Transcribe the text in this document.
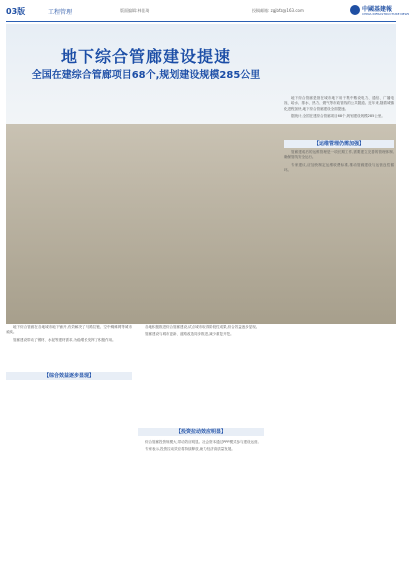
03版	工程管理	版面编辑:林佳琦	投稿邮箱: zgjbfz@163.com	中國基建報
CHINA INFRASTRUCTURE NEWS
地下综合管廊建设提速
全国在建综合管廊项目68个,规划建设规模285公里

地下综合管廊是指在城市地下用于集中敷设电力、通信、广播电视、给水、排水、热力、燃气等市政管线的公共隧道。近年来,随着城镇化进程加快,地下综合管廊建设全面提速。

据统计,全国在建综合管廊项目68个,规划建设规模285公里。

【运维管理仍需加强】

管廊建成后的运维管理是一项长期工作,需要建立完善的管理体制,确保管线安全运行。

专家建议,应加快制定运维收费标准,推动管廊建设与运营良性循环。

地下综合管廊在各地城市地下铺开,有效解决了马路拉链、空中蜘蛛网等城市顽疾。

管廊建设带动了钢材、水泥等建材需求,为稳增长发挥了积极作用。

【综合效益逐步显现】

各地积极推进综合管廊建设,试点城市取得阶段性成果,综合效益逐步显现。

管廊建设与城市更新、道路改造同步推进,减少重复开挖。

【投资拉动效应明显】

综合管廊投资规模大,带动效应明显。社会资本通过PPP模式参与建设运营。

专家表示,投资拉动效应将持续释放,助力经济高质量发展。
